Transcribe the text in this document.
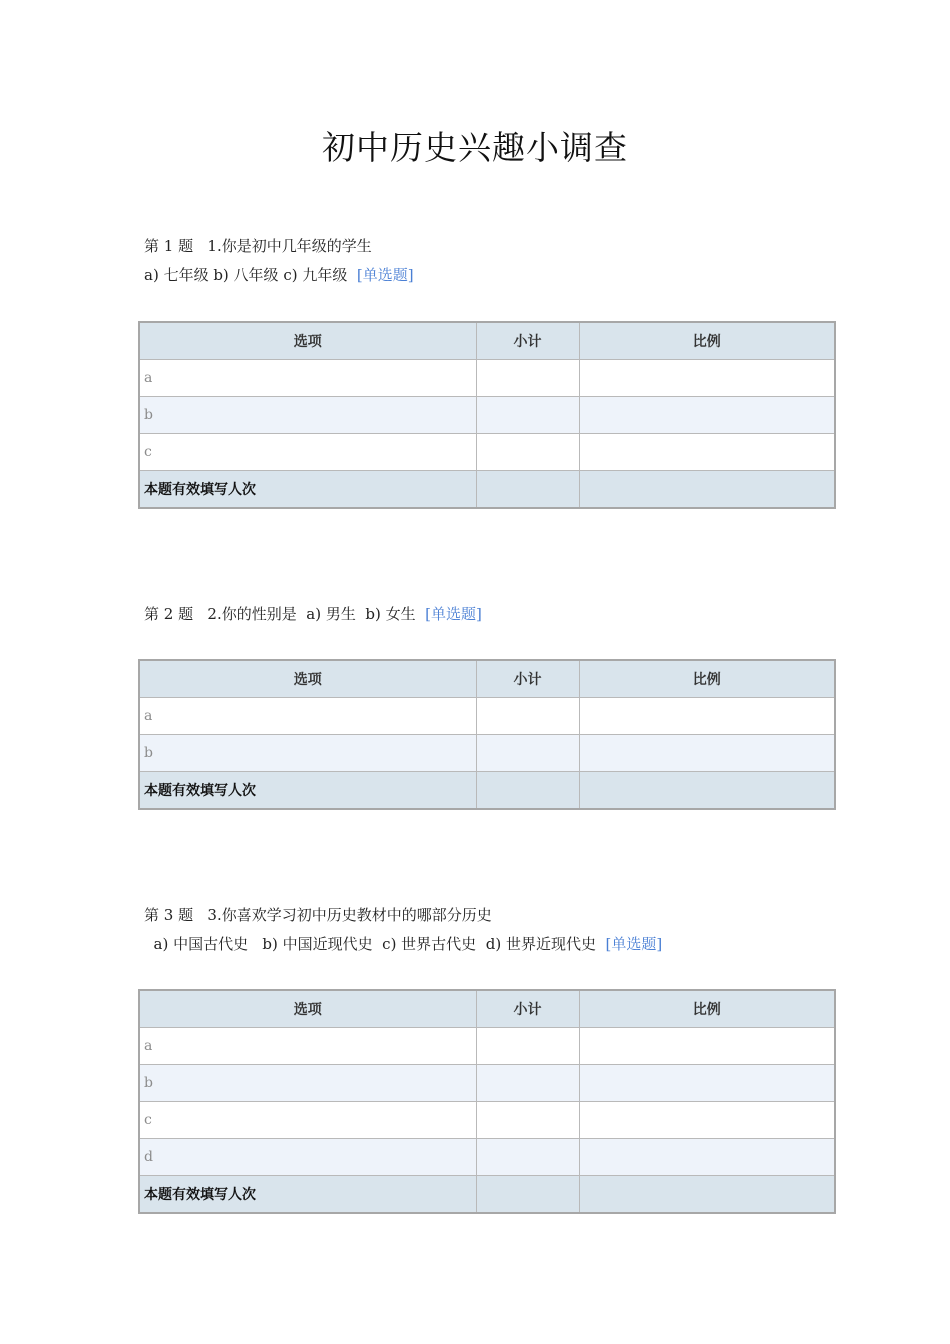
初中历史兴趣小调查
第 1 题 1.你是初中几年级的学生
a) 七年级 b) 八年级 c) 九年级 [单选题]
选项	小计	比例
a		
b		
c		
本题有效填写人次		
第 2 题 2.你的性别是  a) 男生  b) 女生 [单选题]
选项	小计	比例
a		
b		
本题有效填写人次		
第 3 题 3.你喜欢学习初中历史教材中的哪部分历史
a) 中国古代史   b) 中国近现代史  c) 世界古代史  d) 世界近现代史 [单选题]
选项	小计	比例
a		
b		
c		
d		
本题有效填写人次		
